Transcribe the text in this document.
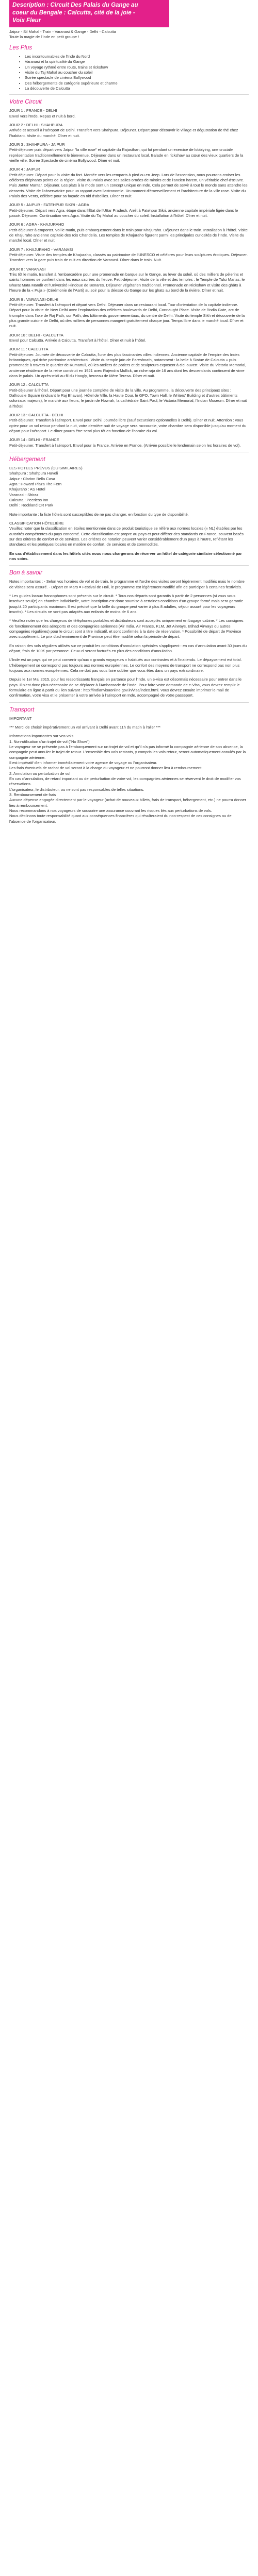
Description : Circuit Des Palais du Gange au
coeur du Bengale : Calcutta, cité de la joie -
Voix Fleur

Jaipur - Sil Mahal - Train - Varanasi & Gange - Delhi - Calcutta

Toute la magie de l'Inde en petit groupe !

Les Plus
• Les incontournables de l'Inde du Nord
• Varanasi et la spiritualité du Gange
• Un voyage rythmé entre route, trains et rickshaw
• Visite du Taj Mahal au coucher du soleil
• Soirée spectacle de cinéma Bollywood
• Des hébergements de catégorie supérieure et charme
• La découverte de Calcutta
Votre Circuit

JOUR 1 : FRANCE - DELHI
Envol vers l'Inde. Repas et nuit à bord.

JOUR 2 : DELHI - SHAHPURA
Arrivée et accueil à l'aéroport de Delhi. Transfert vers Shahpura. Déjeuner. Départ pour découvrir le village et dégustation de thé chez l'habitant. Visite du marché. Dîner et nuit.

JOUR 3 : SHAHPURA - JAIPUR
Petit-déjeuner puis départ vers Jaipur "la ville rose" et capitale du Rajasthan, qui fut pendant un exercice de lobbiying, une cruciale représentation traditionnellement le bienvenue. Déjeuner dans un restaurant local. Balade en rickshaw au cœur des vieux quartiers de la vieille ville. Soirée Spectacle de cinéma Bollywood. Dîner et nuit.

JOUR 4 : JAIPUR
Petit-déjeuner. Départ pour la visite du fort. Montée vers les remparts à pied ou en Jeep. Lors de l'ascension, nous pourrons croiser les célèbres éléphants peints de la région. Visite du Palais avec ses salles ornées de miroirs et de l'ancien harem, un véritable chef-d'œuvre. Puis Jantar Mantar. Déjeuner. Les plats à la mode sont un concept unique en Inde. Cela permet de servir à tout le monde sans attendre les desserts. Visite de l'observatoire pour un rapport avec l'astronomie. Un moment d'émerveillement et l'architecture de la ville rose. Visite du Palais des Vents, célèbre pour sa façade en nid d'abeilles. Dîner et nuit.

JOUR 5 : JAIPUR - FATEHPUR SIKRI - AGRA
Petit-déjeuner. Départ vers Agra, étape dans l'État de l'Uttar Pradesh. Arrêt à Fatehpur Sikri, ancienne capitale impériale figée dans le passé. Déjeuner. Continuation vers Agra. Visite du Taj Mahal au coucher du soleil. Installation à l'hôtel. Dîner et nuit.

JOUR 6 : AGRA - KHAJURAHO
Petit-déjeuner à emporter. Vol le matin, puis embarquement dans le train pour Khajuraho. Déjeuner dans le train. Installation à l'hôtel. Visite de Khajuraho ancienne capitale des rois Chandella. Les temples de Khajuraho figurent parmi les principales curiosités de l'Inde. Visite du marché local. Dîner et nuit.

JOUR 7 : KHAJURAHO - VARANASI
Petit-déjeuner. Visite des temples de Khajuraho, classés au patrimoine de l'UNESCO et célèbres pour leurs sculptures érotiques. Déjeuner. Transfert vers la gare puis train de nuit en direction de Varanasi. Dîner dans le train. Nuit.

JOUR 8 : VARANASI
Très tôt le matin, transfert à l'embarcadère pour une promenade en barque sur le Gange, au lever du soleil, où des milliers de pèlerins et saints hommes se purifient dans les eaux sacrées du fleuve. Petit-déjeuner. Visite de la ville et des temples : le Temple de Tulsi Manas, le Bharat Mata Mandir et l'Université Hindoue de Benares. Déjeuner végétarien traditionnel. Promenade en Rickshaw et visite des ghâts à l'heure de la « Puja » (Cérémonie de l'Aarti) au soir pour la déesse du Gange sur les ghats au bord de la rivière. Dîner et nuit.

JOUR 9 : VARANASI-DELHI
Petit-déjeuner. Transfert à l'aéroport et départ vers Delhi. Déjeuner dans un restaurant local. Tour d'orientation de la capitale indienne. Départ pour la visite de New Delhi avec l'exploration des célèbres boulevards de Delhi, Connaught Place. Visite de l'India Gate, arc de triomphe dans l'axe de Raj Path, sur Path, des bâtiments gouvernementaux, du centre de Delhi. Visite du temple Sikh et découverte de la plus grande cuisine de Delhi, où des milliers de personnes mangent gratuitement chaque jour. Temps libre dans le marché local. Dîner et nuit.

JOUR 10 : DELHI - CALCUTTA
Envol pour Calcutta. Arrivée à Calcutta. Transfert à l'hôtel. Dîner et nuit à l'hôtel.

JOUR 11 : CALCUTTA
Petit-déjeuner. Journée de découverte de Calcutta, l'une des plus fascinantes villes indiennes. Ancienne capitale de l'empire des Indes britanniques, qui riche patrimoine architectural. Visite du temple jaïn de Pareshnath, notamment : la belle à Statue de Calcutta « puis promenade à travers le quartier de Kumartuli, où les ateliers de potiers et de sculpteurs exposent à ciel ouvert. Visite du Victoria Memorial, ancienne résidence de la reine construit en 1921 avec Rajendra Mullick, un riche raja de 16 ans dont les descendants continuent de vivre dans le palais. Un après-midi au fil du Hoogly, berceau de Mère Teresa. Dîner et nuit.

JOUR 12 : CALCUTTA
Petit-déjeuner à l'hôtel. Départ pour une journée complète de visite de la ville. Au programme, la découverte des principaux sites : Dalhousie Square (incluant le Raj Bhavan), Hôtel de Ville, la Haute Cour, le GPO, Town Hall, le Writers' Building et d'autres bâtiments coloniaux majeurs), le marché aux fleurs, le jardin de Howrah, la cathédrale Saint Paul, le Victoria Memorial, l'Indian Museum. Dîner et nuit à l'hôtel.

JOUR 13 : CALCUTTA - DELHI
Petit-déjeuner. Transfert à l'aéroport. Envol pour Delhi. Journée libre (sauf excursions optionnelles à Delhi). Dîner et nuit. Attention : vous optez pour un vol retour pendant la nuit, votre dernière nuit de voyage sera raccourcie, votre chambre sera disponible jusqu'au moment du départ pour l'aéroport. Le dîner pourra être servi plus tôt en fonction de l'horaire du vol.

JOUR 14 : DELHI - FRANCE
Petit-déjeuner. Transfert à l'aéroport. Envol pour la France. Arrivée en France. (Arrivée possible le lendemain selon les horaires de vol).

Hébergement

LES HOTELS PRÉVUS (OU SIMILAIRES)

Shahpura : Shahpura Haveli

Jaipur : Clarion Bella Casa

Agra : Howard Plaza The Fern

Khajuraho : AS Hotel

Varanasi : Shiraz

Calcutta : Peerless Inn

Delhi : Rockland CR Park

Note importante : la liste hôtels sont susceptibles de ne pas changer, en fonction du type de disponibilité.

CLASSIFICATION HÔTELIÈRE

Veuillez noter que la classification en étoiles mentionnée dans ce produit touristique se réfère aux normes locales (« NL) établies par les autorités compétentes du pays concerné. Cette classification est propre au pays et peut différer des standards en France, souvent basés sur des critères de confort et de services. Les critères de notation peuvent varier considérablement d'un pays à l'autre, reflétant les standards et les pratiques locales en matière de confort, de services et de commodités.

En cas d'établissement dans les hôtels cités nous nous chargerons de réserver un hôtel de catégorie similaire sélectionné par nos soins.

Bon à savoir

Notes importantes : - Selon vos horaires de vol et de train, le programme et l'ordre des visites seront légèrement modifiés mais le nombre de visites sera assuré. - Départ en Mars = Festival de Holi, le programme est légèrement modifié afin de participer à certaines festivités.

* Les guides locaux francophones sont présents sur le circuit. * Tous nos départs sont garantis à partir de 2 personnes (si vous vous inscrivez seul(e) en chambre individuelle, votre inscription est donc soumise à certaines conditions d'un groupe formé mais sera garantie jusqu'à 20 participants maximum. Il est précisé que la taille du groupe peut varier à plus 8 adultes, séjour assuré pour les voyageurs inscrits). * Les circuits ne sont pas adaptés aux enfants de moins de 6 ans.

* Veuillez noter que les chargeurs de téléphones portables et distributeurs sont acceptés uniquement en bagage cabine. * Les consignes de fonctionnement des aéroports et des compagnies aériennes (Air India, Air France, KLM, Jet Airways, Etihad Airways ou autres compagnies régulières) pour le circuit sont à titre indicatif, et sont confirmés à la date de réservation. * Possibilité de départ de Province avec supplément. Le prix d'acheminement de Province peut être modifié selon la période de départ.

En raison des vols réguliers utilisés sur ce produit les conditions d'annulation spéciales s'appliquent : en cas d'annulation avant 30 jours du départ, frais de 100€ par personne. Ceux-ci seront facturés en plus des conditions d'annulation.

L'Inde est un pays qui ne peut convenir qu'aux « grands voyageurs » habitués aux contrastes et à l'inattendu. Le dépaysement est total. L'hébergement se correspond pas toujours aux normes européennes. Le confort des moyens de transport ne correspond pas non plus toujours aux normes européennes. Cela ne doit pas vous faire oublier que vous êtes dans un pays extraordinaire.

Depuis le 1er Mai 2015, pour les ressortissants français en partance pour l'Inde, un e-visa est désormais nécessaire pour entrer dans le pays. Il n'est donc plus nécessaire de se déplacer à l'Ambassade de l'Inde. Pour faire votre demande de e-Visa, vous devrez remplir le formulaire en ligne à partir du lien suivant : http://indianvisaonline.gov.in/visa/index.html. Vous devrez ensuite imprimer le mail de confirmation, votre visa et le présenter à votre arrivée à l'aéroport en Inde, accompagné de votre passeport.

Transport

IMPORTANT

*** Merci de choisir impérativement un vol arrivant à Delhi avant 11h du matin à l'aller ***

Informations importantes sur vos vols

1. Non-utilisation d'un trajet de vol ("No Show")

Le voyageur ne se présente pas à l'embarquement sur un trajet de vol et qu'il n'a pas informé la compagnie aérienne de son absence, la compagnie peut annuler le trajet de retour. L'ensemble des vols restants, y compris les vols retour, seront automatiquement annulés par la compagnie aérienne.

Il est impératif d'en informer immédiatement votre agence de voyage ou l'organisateur.

Les frais éventuels de rachat de vol seront à la charge du voyageur et ne pourront donner lieu à remboursement.

2. Annulation ou perturbation de vol

En cas d'annulation, de retard important ou de perturbation de votre vol, les compagnies aériennes se réservent le droit de modifier vos réservations.

L'organisateur, le distributeur, ou ne sont pas responsables de telles situations.

3. Remboursement de frais

Aucune dépense engagée directement par le voyageur (achat de nouveaux billets, frais de transport, hébergement, etc.) ne pourra donner lieu à remboursement.

Nous recommandons à nos voyageurs de souscrire une assurance couvrant les risques liés aux perturbations de vols.

Nous déclinons toute responsabilité quant aux conséquences financières qui résulteraient du non-respect de ces consignes ou de l'absence de l'organisateur.
